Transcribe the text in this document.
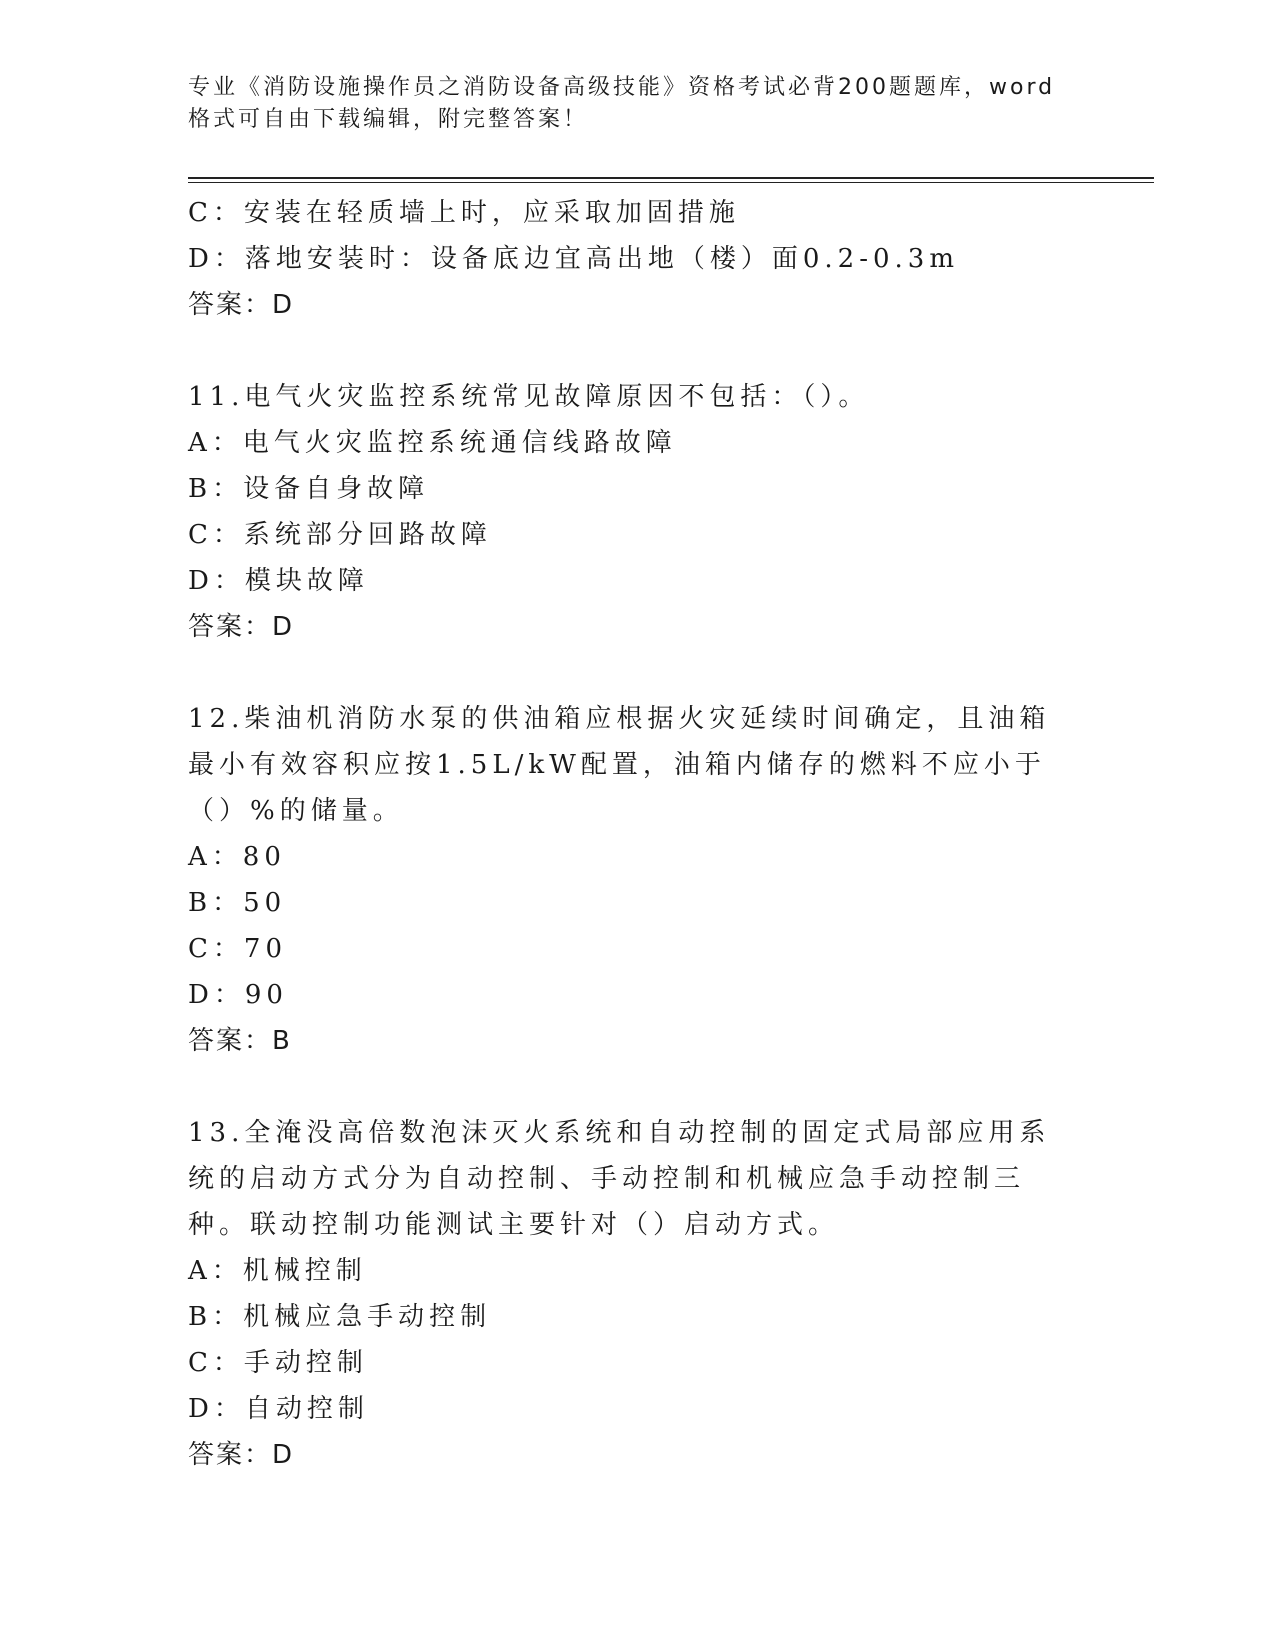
专业《消防设施操作员之消防设备高级技能》资格考试必背200题题库，word格式可自由下载编辑，附完整答案！
C：安装在轻质墙上时，应采取加固措施
D：落地安装时：设备底边宜高出地（楼）面0.2-0.3m
答案：D
11.电气火灾监控系统常见故障原因不包括：（）。
A：电气火灾监控系统通信线路故障
B：设备自身故障
C：系统部分回路故障
D：模块故障
答案：D
12.柴油机消防水泵的供油箱应根据火灾延续时间确定，且油箱最小有效容积应按1.5L/kW配置，油箱内储存的燃料不应小于（）%的储量。
A：80
B：50
C：70
D：90
答案：B
13.全淹没高倍数泡沫灭火系统和自动控制的固定式局部应用系统的启动方式分为自动控制、手动控制和机械应急手动控制三种。联动控制功能测试主要针对（）启动方式。
A：机械控制
B：机械应急手动控制
C：手动控制
D：自动控制
答案：D
